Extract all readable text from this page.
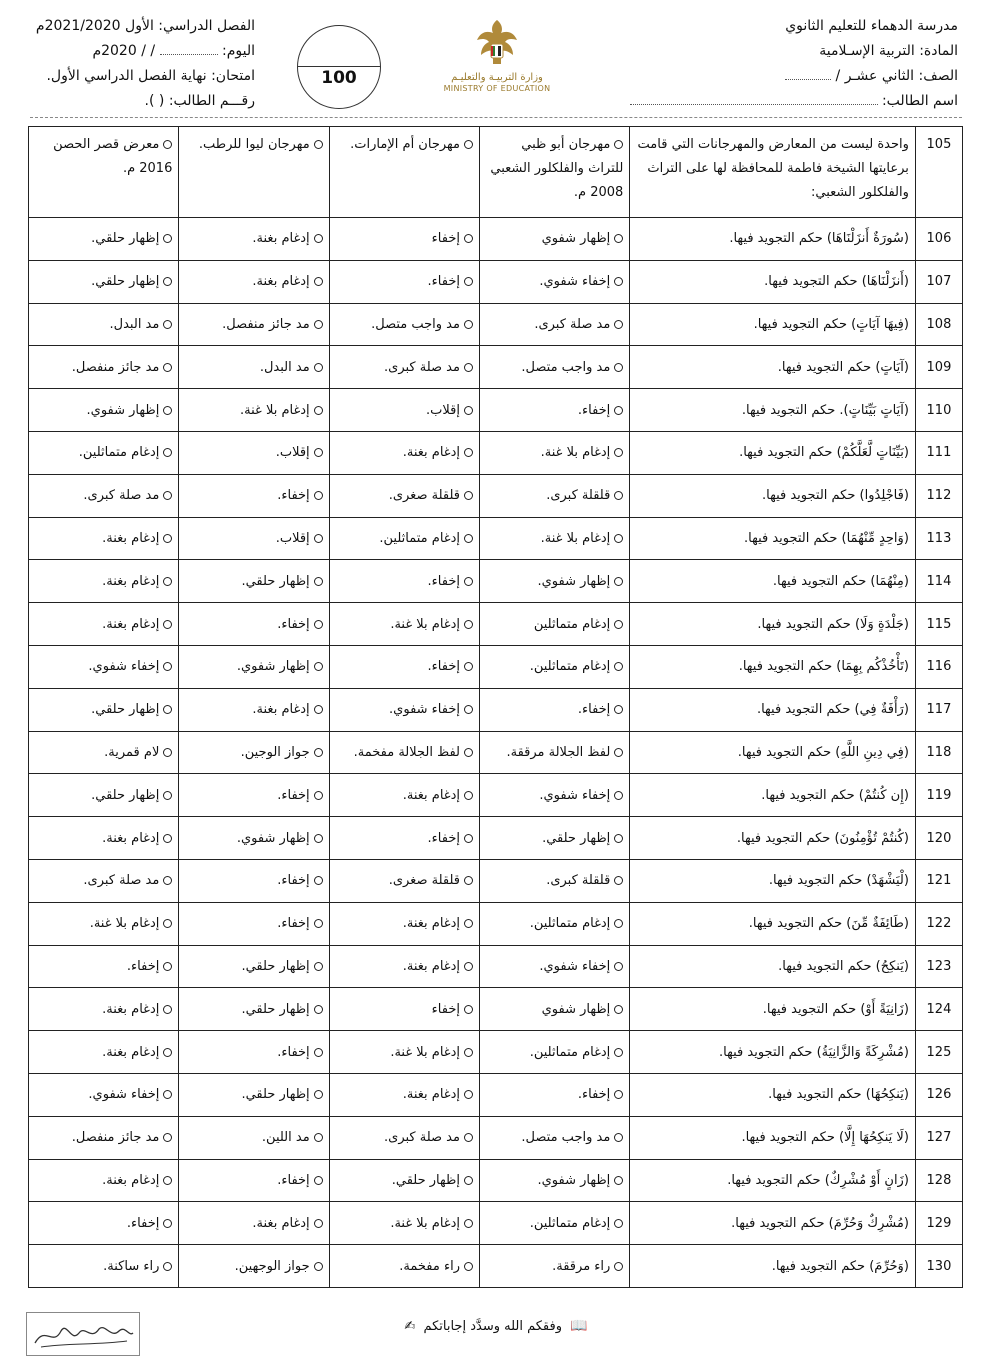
مدرسة الدهماء للتعليم الثانوي
المادة: التربية الإسـلامية
الصف: الثاني عشـر /
اسم الطالب:
وزارة التربيـة والتعليـم
MINISTRY OF EDUCATION
100
الفصل الدراسي: الأول 2021/2020م
اليوم:  / / 2020م
امتحان: نهاية الفصل الدراسي الأول.
رقـــم الطالب: ( ).
105	واحدة ليست من المعارض والمهرجانات التي قامت برعايتها الشيخة فاطمة للمحافظة لها على التراث والفلكلور الشعبي:	مهرجان أبو ظبي للتراث والفلكلور الشعبي 2008 م.	مهرجان أم الإمارات.	مهرجان ليوا للرطب.	معرض قصر الحصن 2016 م.
106	(سُورَةٌ أَنزَلْنَاهَا) حكم التجويد فيها.	إظهار شفوي	إخفاء	إدغام بغنة.	إظهار حلقي.
107	(أَنزَلْنَاهَا) حكم التجويد فيها.	إخفاء شفوي.	إخفاء.	إدغام بغنة.	إظهار حلقي.
108	(فِيهَا آيَاتٍ) حكم التجويد فيها.	مد صلة كبرى.	مد واجب متصل.	مد جائز منفصل.	مد البدل.
109	(آيَاتٍ) حكم التجويد فيها.	مد واجب متصل.	مد صلة كبرى.	مد البدل.	مد جائز منفصل.
110	(آيَاتٍ بَيِّنَاتٍ). حكم التجويد فيها.	إخفاء.	إقلاب.	إدغام بلا غنة.	إظهار شفوي.
111	(بَيِّنَاتٍ لَّعَلَّكُمْ) حكم التجويد فيها.	إدغام بلا غنة.	إدغام بغنة.	إقلاب.	إدغام متماثلين.
112	(فَاجْلِدُوا) حكم التجويد فيها.	قلقلة كبرى.	قلقلة صغرى.	إخفاء.	مد صلة كبرى.
113	(وَاحِدٍ مِّنْهُمَا) حكم التجويد فيها.	إدغام بلا غنة.	إدغام متماثلين.	إقلاب.	إدغام بغنة.
114	(مِنْهُمَا) حكم التجويد فيها.	إظهار شفوي.	إخفاء.	إظهار حلقي.	إدغام بغنة.
115	(جَلْدَةٍ وَلَا) حكم التجويد فيها.	إدغام متماثلين	إدغام بلا غنة.	إخفاء.	إدغام بغنة.
116	(تَأْخُذْكُم بِهِمَا) حكم التجويد فيها.	إدغام متماثلين.	إخفاء.	إظهار شفوي.	إخفاء شفوي.
117	(رَأْفَةٌ فِي) حكم التجويد فيها.	إخفاء.	إخفاء شفوي.	إدغام بغنة.	إظهار حلقي.
118	(فِي دِينِ اللَّهِ) حكم التجويد فيها.	لفظ الجلالة مرققة.	لفظ الجلالة مفخمة.	جواز الوجين.	لام قمرية.
119	(إِن كُنتُمْ) حكم التجويد فيها.	إخفاء شفوي.	إدغام بغنة.	إخفاء.	إظهار حلقي.
120	(كُنتُمْ تُؤْمِنُونَ) حكم التجويد فيها.	إظهار حلقي.	إخفاء.	إظهار شفوي.	إدغام بغنة.
121	(لْيَشْهَدْ) حكم التجويد فيها.	قلقلة كبرى.	قلقلة صغرى.	إخفاء.	مد صلة كبرى.
122	(طَائِفَةٌ مِّنَ) حكم التجويد فيها.	إدغام متماثلين.	إدغام بغنة.	إخفاء.	إدغام بلا غنة.
123	(يَنكِحُ) حكم التجويد فيها.	إخفاء شفوي.	إدغام بغنة.	إظهار حلقي.	إخفاء.
124	(زَانِيَةً أَوْ) حكم التجويد فيها.	إظهار شفوي	إخفاء	إظهار حلقي.	إدغام بغنة.
125	(مُشْرِكَةً وَالزَّانِيَةُ) حكم التجويد فيها.	إدغام متماثلين.	إدغام بلا غنة.	إخفاء.	إدغام بغنة.
126	(يَنكِحُهَا) حكم التجويد فيها.	إخفاء.	إدغام بغنة.	إظهار حلقي.	إخفاء شفوي.
127	(لَا يَنكِحُهَا إِلَّا) حكم التجويد فيها.	مد واجب متصل.	مد صلة كبرى.	مد اللين.	مد جائز منفصل.
128	(زَانٍ أَوْ مُشْرِكٌ) حكم التجويد فيها.	إظهار شفوي.	إظهار حلقي.	إخفاء.	إدغام بغنة.
129	(مُشْرِكٌ وَحُرِّمَ) حكم التجويد فيها.	إدغام متماثلين.	إدغام بلا غنة.	إدغام بغنة.	إخفاء.
130	(وَحُرِّمَ) حكم التجويد فيها.	راء مرققة.	راء مفخمة.	جواز الوجهين.	راء ساكنة.
📖 وفقكم الله وسدَّد إجاباتكم ✍
